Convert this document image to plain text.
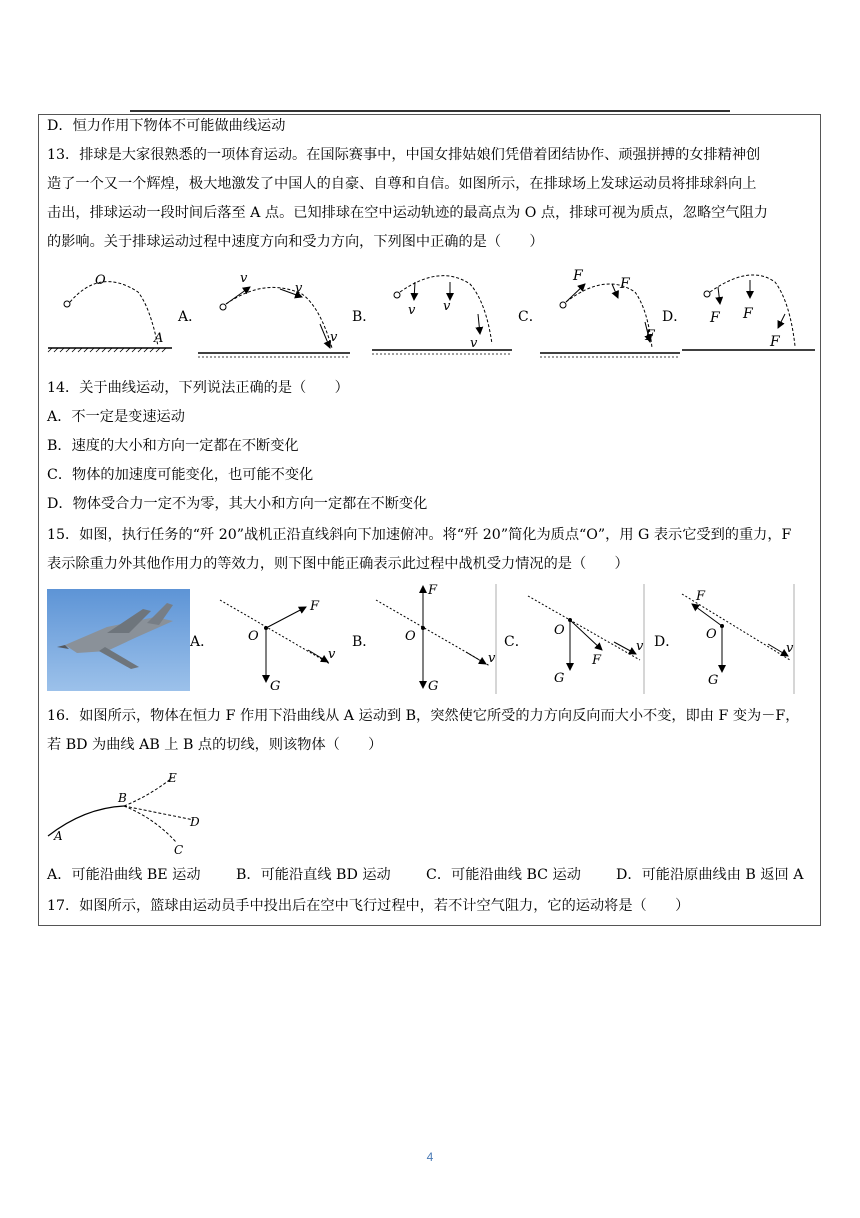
D．恒力作用下物体不可能做曲线运动
13．排球是大家很熟悉的一项体育运动。在国际赛事中，中国女排姑娘们凭借着团结协作、顽强拼搏的女排精神创
造了一个又一个辉煌，极大地激发了中国人的自豪、自尊和自信。如图所示，在排球场上发球运动员将排球斜向上
击出，排球运动一段时间后落至 A 点。已知排球在空中运动轨迹的最高点为 O 点，排球可视为质点，忽略空气阻力
的影响。关于排球运动过程中速度方向和受力方向，下列图中正确的是（　　）
O
A
A．
v
v
v
B． v v
v
C．
F	F
F
D． F F
F
14．关于曲线运动，下列说法正确的是（　　）
A．不一定是变速运动
B．速度的大小和方向一定都在不断变化
C．物体的加速度可能变化，也可能不变化
D．物体受合力一定不为零，其大小和方向一定都在不断变化
15．如图，执行任务的“歼 20”战机正沿直线斜向下加速俯冲。将“歼 20”简化为质点“O”，用 G 表示它受到的重力，F
表示除重力外其他作用力的等效力，则下图中能正确表示此过程中战机受力情况的是（　　）
A．	O
F
G
v
B． O
F
G
v
C．
O
F
G
v D． O
F
G
v
16．如图所示，物体在恒力 F 作用下沿曲线从 A 运动到 B，突然使它所受的力方向反向而大小不变，即由 F 变为－F，
若 BD 为曲线 AB 上 B 点的切线，则该物体（　　）
A
B
C
D
E
A．可能沿曲线 BE 运动 B．可能沿直线 BD 运动 C．可能沿曲线 BC 运动 D．可能沿原曲线由 B 返回 A
17．如图所示，篮球由运动员手中投出后在空中飞行过程中，若不计空气阻力，它的运动将是（　　）
4
